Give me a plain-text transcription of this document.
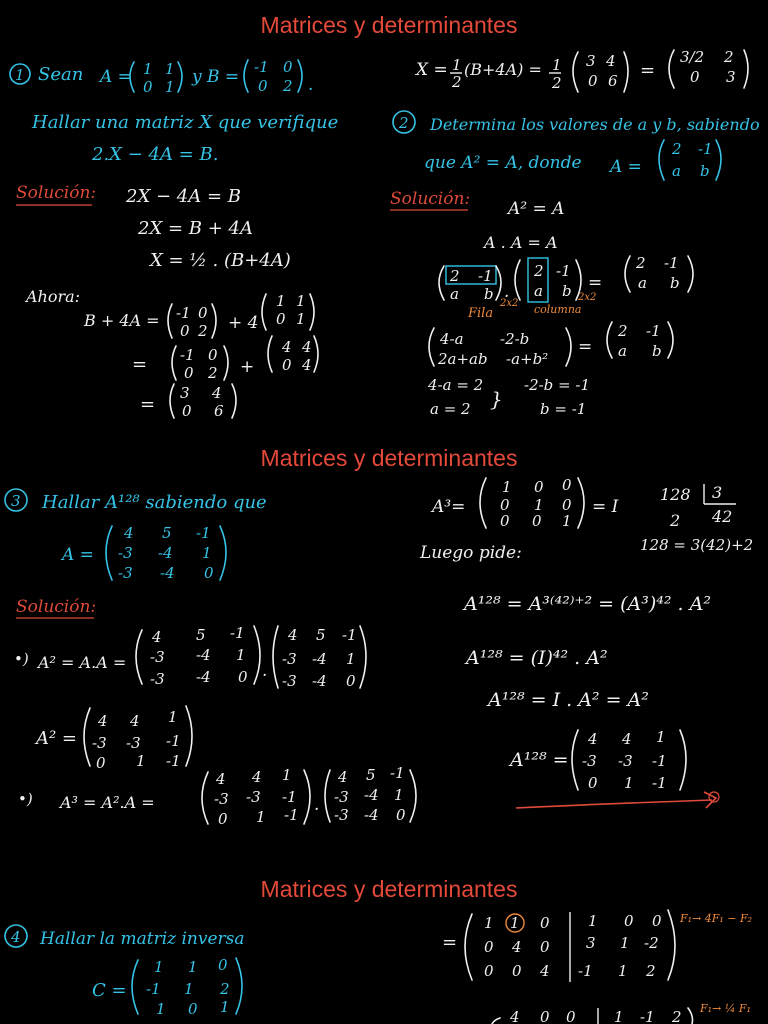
Matrices y determinantes
Matrices y determinantes
Matrices y determinantes
1 Sean A = 1 1
0 1 y B = -1 0
0 2 .
Hallar una matriz X que verifique
2.X − 4A = B.
Solución: 2X − 4A = B
2X = B + 4A
X = ½ . (B+4A)
Ahora:
B + 4A = -1 0
0 2 + 4
1 1
0 1
= -1 0
0 2 +
4 4
0 4
=
3 4
0 6
X = 1
2
(B+4A) = 1
2
3 4
0 6 =
3/2 2
0 3
2 Determina los valores de a y b, sabiendo
que A² = A, donde A =
2 -1
a b
Solución: A² = A
A . A = A
2 -1
a b .
2 -1
a b =
2 -1
a b
Fila
2x2 columna
2x2
4-a -2-b
2a+ab -a+b²
=
2 -1
a b
4-a = 2
a = 2 }
-2-b = -1
b = -1
3 Hallar A¹²⁸ sabiendo que
A =
4 5 -1
-3 -4 1
-3 -4 0
Solución:
•) A² = A.A =
4 5 -1
-3 -4 1
-3 -4 0 .
4 5 -1
-3 -4 1
-3 -4 0
A² =
4 4 1
-3 -3 -1
0 1 -1
•) A³ = A².A =
4 4 1
-3 -3 -1
0 1 -1 .
4 5 -1
-3 -4 1
-3 -4 0
A³=
1 0 0
0 1 0
0 0 1
= I
128 3
2 42
128 = 3(42)+2
Luego pide:
A¹²⁸ = A³⁽⁴²⁾⁺² = (A³)⁴² . A²
A¹²⁸ = (I)⁴² . A²
A¹²⁸ = I . A² = A²
A¹²⁸ =
4 4 1
-3 -3 -1
0 1 -1
4 Hallar la matriz inversa
C =
1 1 0
-1 1 2
1 0 1
=
1 1 0
0 4 0
0 0 4
1 0 0
3 1 -2
-1 1 2
F₁→ 4F₁ − F₂
4 0 0	1 -1 2 F₁→ ¼ F₁
